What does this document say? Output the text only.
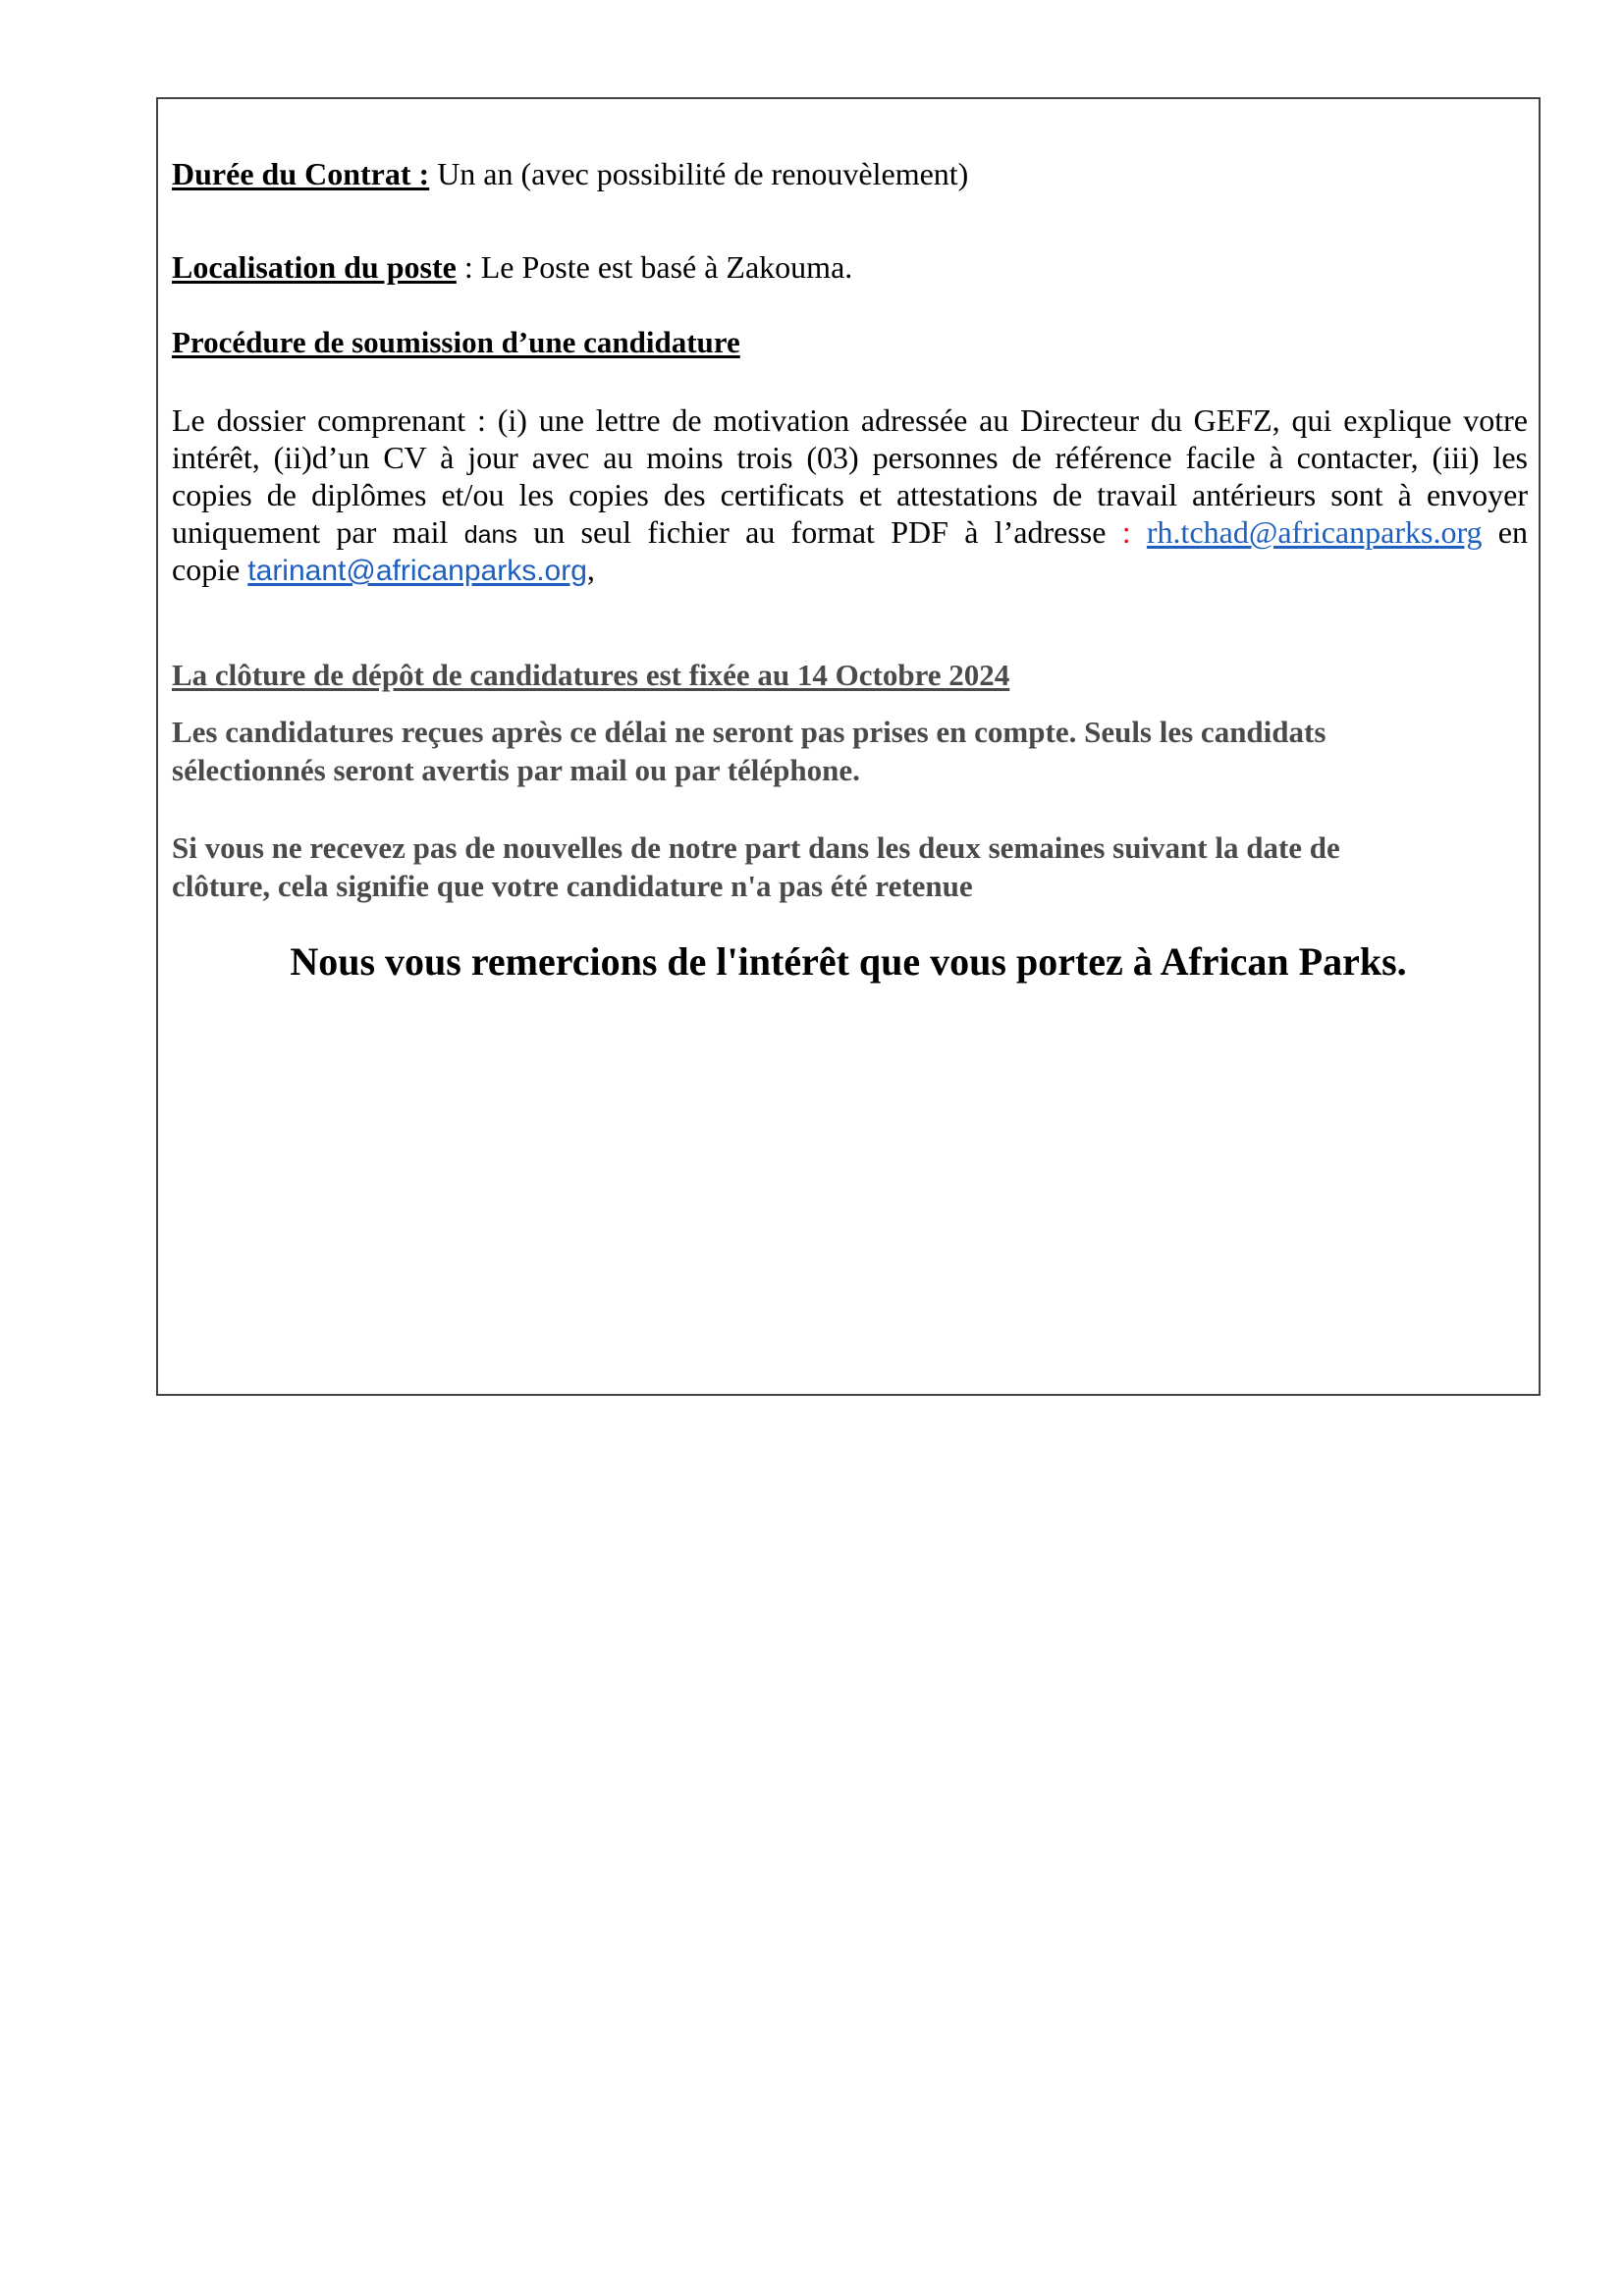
Durée du Contrat : Un an (avec possibilité de renouvèlement)
Localisation du poste : Le Poste est basé à Zakouma.
Procédure de soumission d’une candidature
Le dossier comprenant : (i) une lettre de motivation adressée au Directeur du GEFZ, qui explique votre
intérêt, (ii)d’un CV à jour avec au moins trois (03) personnes de référence facile à contacter, (iii) les
copies de diplômes et/ou les copies des certificats et attestations de travail antérieurs sont à envoyer
uniquement par mail dans un seul fichier au format PDF à l’adresse : rh.tchad@africanparks.org en
copie tarinant@africanparks.org,
La clôture de dépôt de candidatures est fixée au 14 Octobre 2024
Les candidatures reçues après ce délai ne seront pas prises en compte. Seuls les candidats
sélectionnés seront avertis par mail ou par téléphone.
Si vous ne recevez pas de nouvelles de notre part dans les deux semaines suivant la date de
clôture, cela signifie que votre candidature n'a pas été retenue
Nous vous remercions de l'intérêt que vous portez à African Parks.
